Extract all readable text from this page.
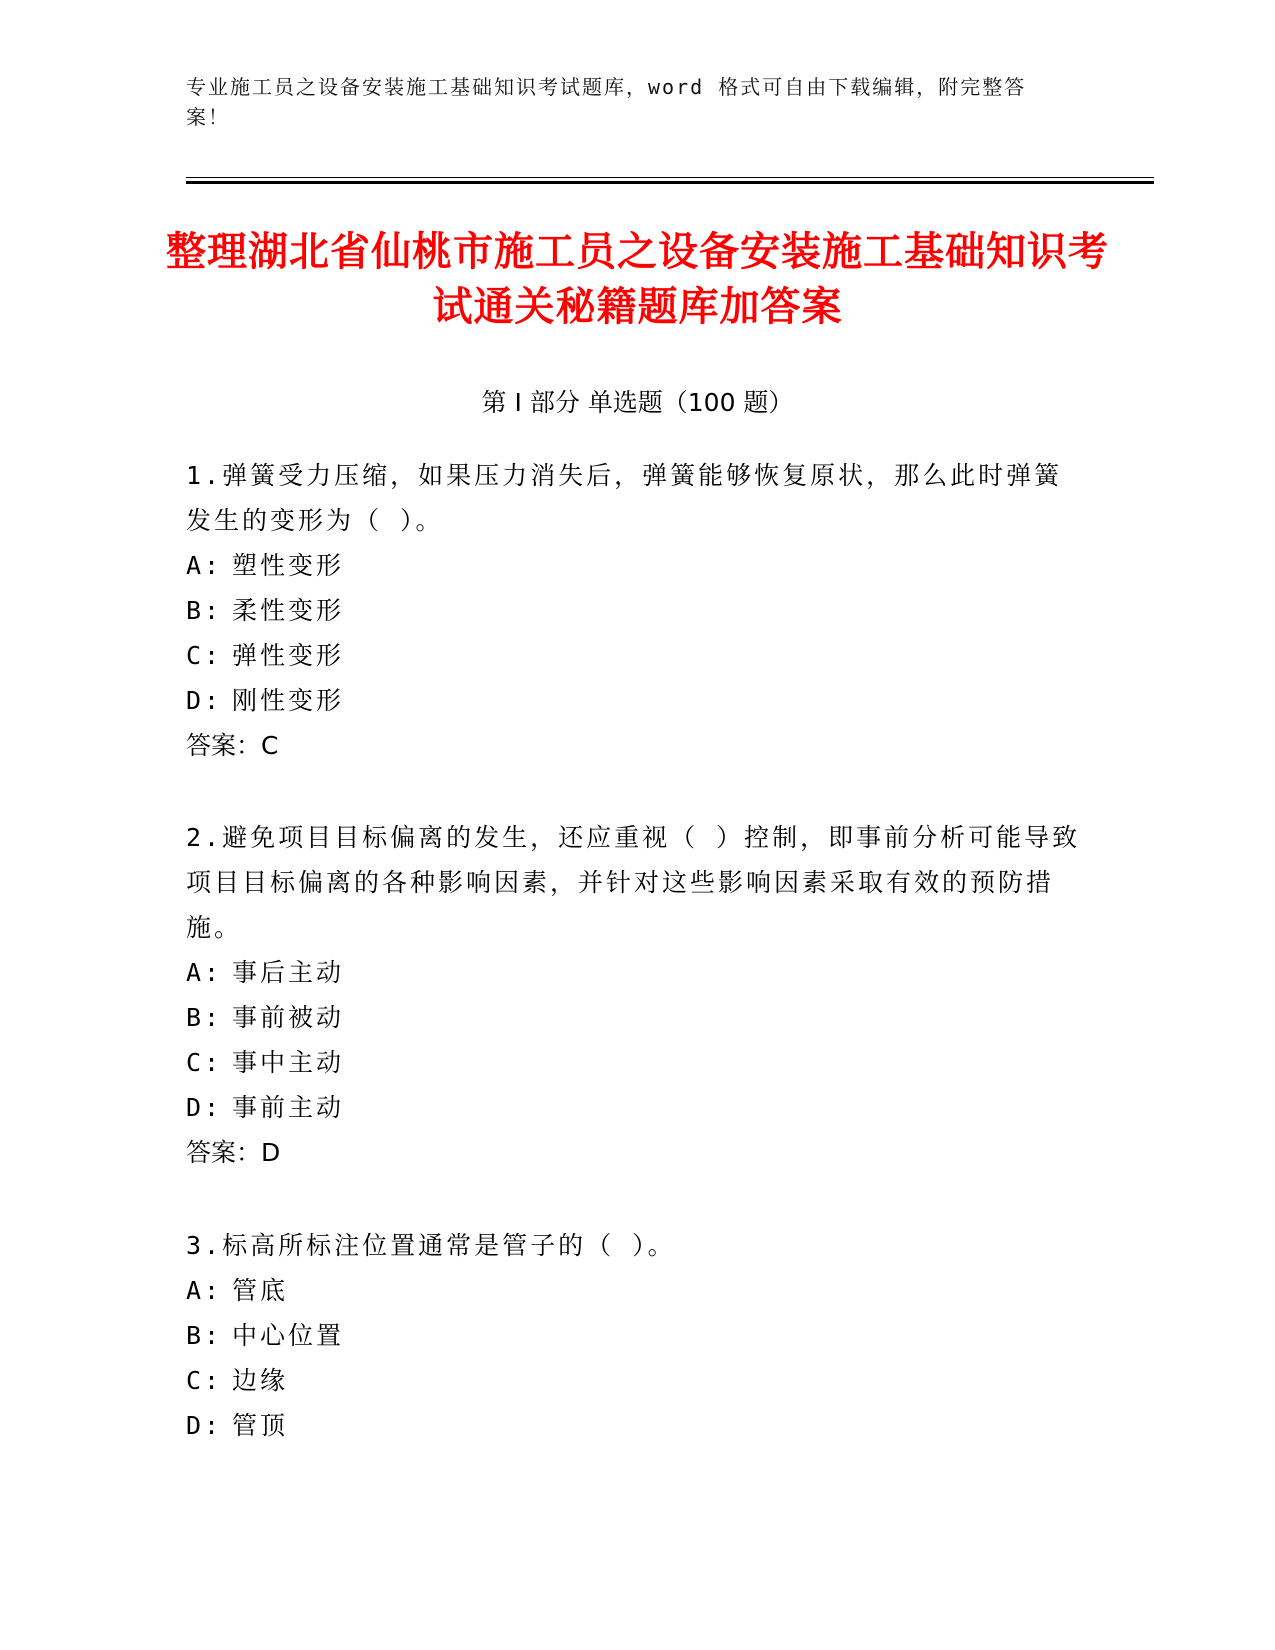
专业施工员之设备安装施工基础知识考试题库，word 格式可自由下载编辑，附完整答案！
整理湖北省仙桃市施工员之设备安装施工基础知识考试通关秘籍题库加答案
第 I 部分 单选题（100 题）

1.弹簧受力压缩，如果压力消失后，弹簧能够恢复原状，那么此时弹簧发生的变形为（ ）。

A: 塑性变形

B: 柔性变形

C: 弹性变形

D: 刚性变形

答案：C

2.避免项目目标偏离的发生，还应重视（ ）控制，即事前分析可能导致项目目标偏离的各种影响因素，并针对这些影响因素采取有效的预防措施。

A: 事后主动

B: 事前被动

C: 事中主动

D: 事前主动

答案：D

3.标高所标注位置通常是管子的（ ）。

A: 管底

B: 中心位置

C: 边缘

D: 管顶
